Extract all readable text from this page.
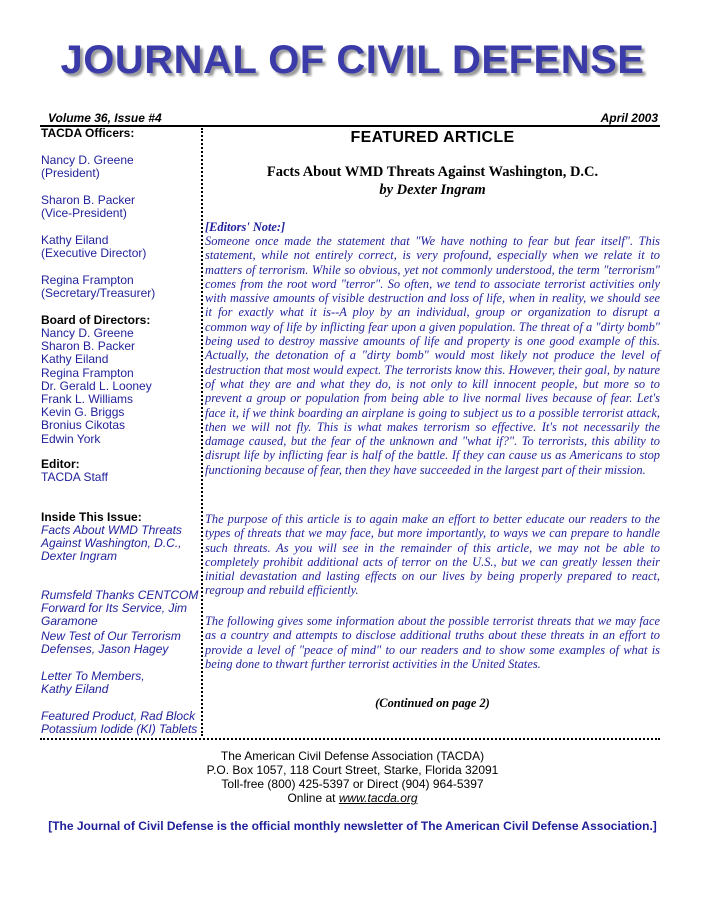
JOURNAL OF CIVIL DEFENSE
Volume 36, Issue #4	April 2003
TACDA Officers:
Nancy D. Greene
(President)
Sharon B. Packer
(Vice-President)
Kathy Eiland
(Executive Director)
Regina Frampton
(Secretary/Treasurer)
Board of Directors:
Nancy D. Greene
Sharon B. Packer
Kathy Eiland
Regina Frampton
Dr. Gerald L. Looney
Frank L. Williams
Kevin G. Briggs
Bronius Cikotas
Edwin York
Editor:
TACDA Staff
Inside This Issue:
Facts About WMD Threats
Against Washington, D.C.,
Dexter Ingram
Rumsfeld Thanks CENTCOM
Forward for Its Service, Jim
Garamone
New Test of Our Terrorism
Defenses, Jason Hagey
Letter To Members,
Kathy Eiland
Featured Product, Rad Block
Potassium Iodide (KI) Tablets
FEATURED ARTICLE
Facts About WMD Threats Against Washington, D.C.
by Dexter Ingram
[Editors' Note:]
Someone once made the statement that "We have nothing to fear but fear itself". This statement, while not entirely correct, is very profound, especially when we relate it to matters of terrorism. While so obvious, yet not commonly understood, the term "terrorism" comes from the root word "terror". So often, we tend to associate terrorist activities only with massive amounts of visible destruction and loss of life, when in reality, we should see it for exactly what it is--A ploy by an individual, group or organization to disrupt a common way of life by inflicting fear upon a given population. The threat of a "dirty bomb" being used to destroy massive amounts of life and property is one good example of this. Actually, the detonation of a "dirty bomb" would most likely not produce the level of destruction that most would expect. The terrorists know this. However, their goal, by nature of what they are and what they do, is not only to kill innocent people, but more so to prevent a group or population from being able to live normal lives because of fear. Let's face it, if we think boarding an airplane is going to subject us to a possible terrorist attack, then we will not fly. This is what makes terrorism so effective. It's not necessarily the damage caused, but the fear of the unknown and "what if?". To terrorists, this ability to disrupt life by inflicting fear is half of the battle. If they can cause us as Americans to stop functioning because of fear, then they have succeeded in the largest part of their mission.
The purpose of this article is to again make an effort to better educate our readers to the types of threats that we may face, but more importantly, to ways we can prepare to handle such threats. As you will see in the remainder of this article, we may not be able to completely prohibit additional acts of terror on the U.S., but we can greatly lessen their initial devastation and lasting effects on our lives by being properly prepared to react, regroup and rebuild efficiently.
The following gives some information about the possible terrorist threats that we may face as a country and attempts to disclose additional truths about these threats in an effort to provide a level of "peace of mind" to our readers and to show some examples of what is being done to thwart further terrorist activities in the United States.
(Continued on page 2)
The American Civil Defense Association (TACDA)
P.O. Box 1057, 118 Court Street, Starke, Florida 32091
Toll-free (800) 425-5397 or Direct (904) 964-5397
Online at www.tacda.org
[The Journal of Civil Defense is the official monthly newsletter of The American Civil Defense Association.]
